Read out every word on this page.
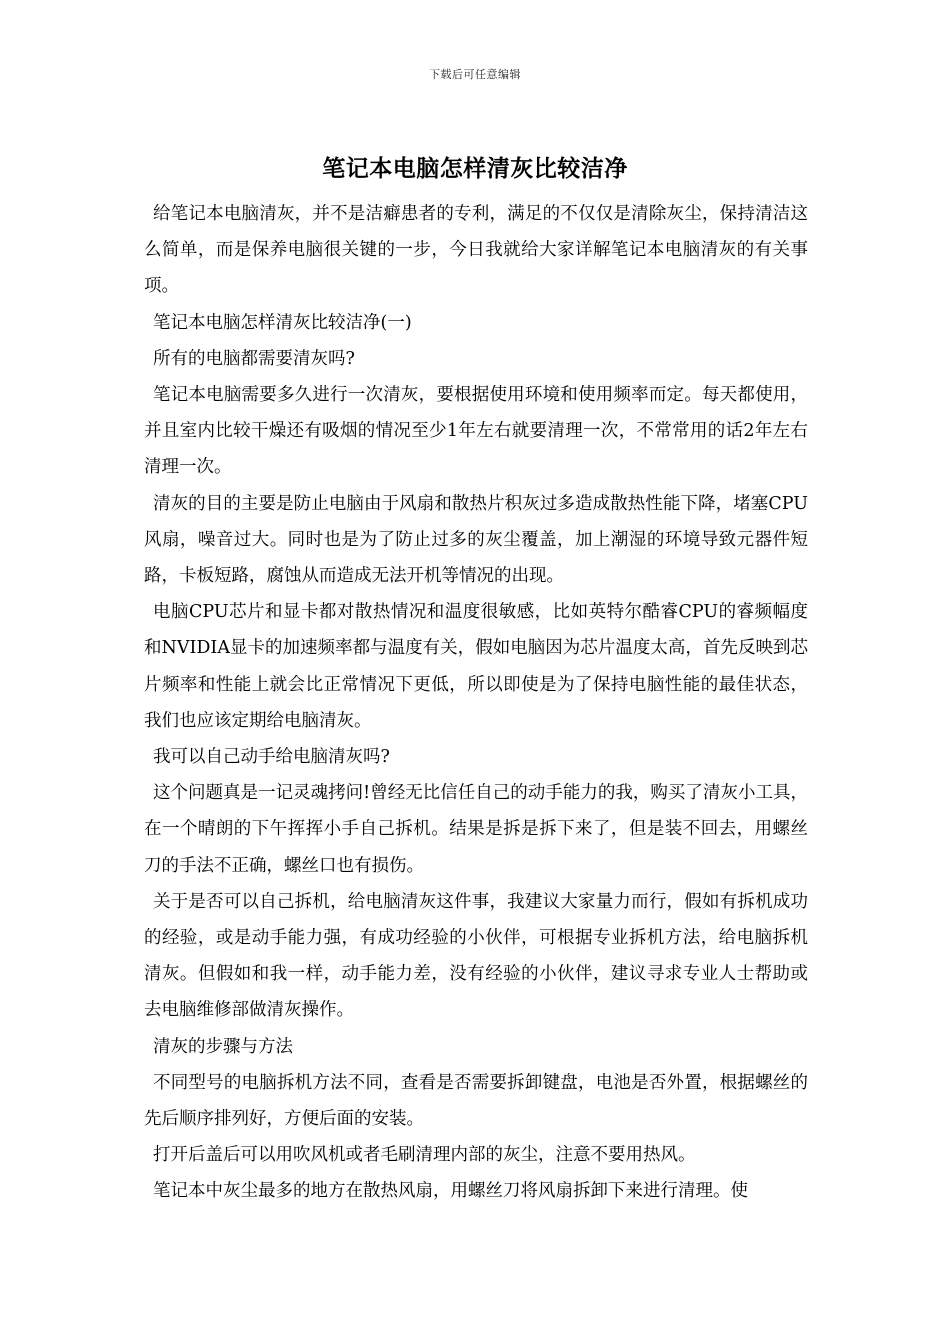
下载后可任意编辑
笔记本电脑怎样清灰比较洁净

给笔记本电脑清灰，并不是洁癖患者的专利，满足的不仅仅是清除灰尘，保持清洁这么简单，而是保养电脑很关键的一步，今日我就给大家详解笔记本电脑清灰的有关事项。

笔记本电脑怎样清灰比较洁净(一)

所有的电脑都需要清灰吗?

笔记本电脑需要多久进行一次清灰，要根据使用环境和使用频率而定。每天都使用，并且室内比较干燥还有吸烟的情况至少1年左右就要清理一次，不常常用的话2年左右清理一次。

清灰的目的主要是防止电脑由于风扇和散热片积灰过多造成散热性能下降，堵塞CPU风扇，噪音过大。同时也是为了防止过多的灰尘覆盖，加上潮湿的环境导致元器件短路，卡板短路，腐蚀从而造成无法开机等情况的出现。

电脑CPU芯片和显卡都对散热情况和温度很敏感，比如英特尔酷睿CPU的睿频幅度和NVIDIA显卡的加速频率都与温度有关，假如电脑因为芯片温度太高，首先反映到芯片频率和性能上就会比正常情况下更低，所以即使是为了保持电脑性能的最佳状态，我们也应该定期给电脑清灰。

我可以自己动手给电脑清灰吗?

这个问题真是一记灵魂拷问!曾经无比信任自己的动手能力的我，购买了清灰小工具，在一个晴朗的下午挥挥小手自己拆机。结果是拆是拆下来了，但是装不回去，用螺丝刀的手法不正确，螺丝口也有损伤。

关于是否可以自己拆机，给电脑清灰这件事，我建议大家量力而行，假如有拆机成功的经验，或是动手能力强，有成功经验的小伙伴，可根据专业拆机方法，给电脑拆机清灰。但假如和我一样，动手能力差，没有经验的小伙伴，建议寻求专业人士帮助或去电脑维修部做清灰操作。

清灰的步骤与方法

不同型号的电脑拆机方法不同，查看是否需要拆卸键盘，电池是否外置，根据螺丝的先后顺序排列好，方便后面的安装。

打开后盖后可以用吹风机或者毛刷清理内部的灰尘，注意不要用热风。

笔记本中灰尘最多的地方在散热风扇，用螺丝刀将风扇拆卸下来进行清理。使
